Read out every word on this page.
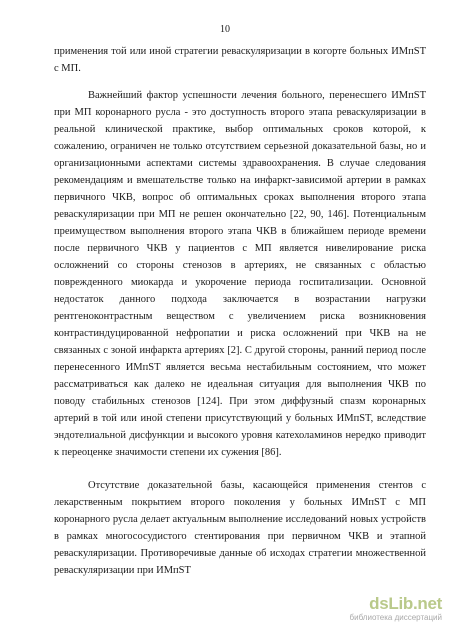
10

применения той или иной стратегии реваскуляризации в когорте больных ИМпST с МП.

Важнейший фактор успешности лечения больного, перенесшего ИМпST при МП коронарного русла - это доступность второго этапа реваскуляризации в реальной клинической практике, выбор оптимальных сроков которой, к сожалению, ограничен не только отсутствием серьезной доказательной базы, но и организационными аспектами системы здравоохранения. В случае следования рекомендациям и вмешательстве только на инфаркт-зависимой артерии в рамках первичного ЧКВ, вопрос об оптимальных сроках выполнения второго этапа реваскуляризации при МП не решен окончательно [22, 90, 146]. Потенциальным преимуществом выполнения второго этапа ЧКВ в ближайшем периоде времени после первичного ЧКВ у пациентов с МП является нивелирование риска осложнений со стороны стенозов в артериях, не связанных с областью поврежденного миокарда и укорочение периода госпитализации. Основной недостаток данного подхода заключается в возрастании нагрузки рентгеноконтрастным веществом с увеличением риска возникновения контрастиндуцированной нефропатии и риска осложнений при ЧКВ на не связанных с зоной инфаркта артериях [2]. С другой стороны, ранний период после перенесенного ИМпST является весьма нестабильным состоянием, что может рассматриваться как далеко не идеальная ситуация для выполнения ЧКВ по поводу стабильных стенозов [124]. При этом диффузный спазм коронарных артерий в той или иной степени присутствующий у больных ИМпST, вследствие эндотелиальной дисфункции и высокого уровня катехоламинов нередко приводит к переоценке значимости степени их сужения [86].

Отсутствие доказательной базы, касающейся применения стентов с лекарственным покрытием второго поколения у больных ИМпST с МП коронарного русла делает актуальным выполнение исследований новых устройств в рамках многососудистого стентирования при первичном ЧКВ и этапной реваскуляризации. Противоречивые данные об исходах стратегии множественной реваскуляризации при ИМпST

dsLib.net
библиотека диссертаций
